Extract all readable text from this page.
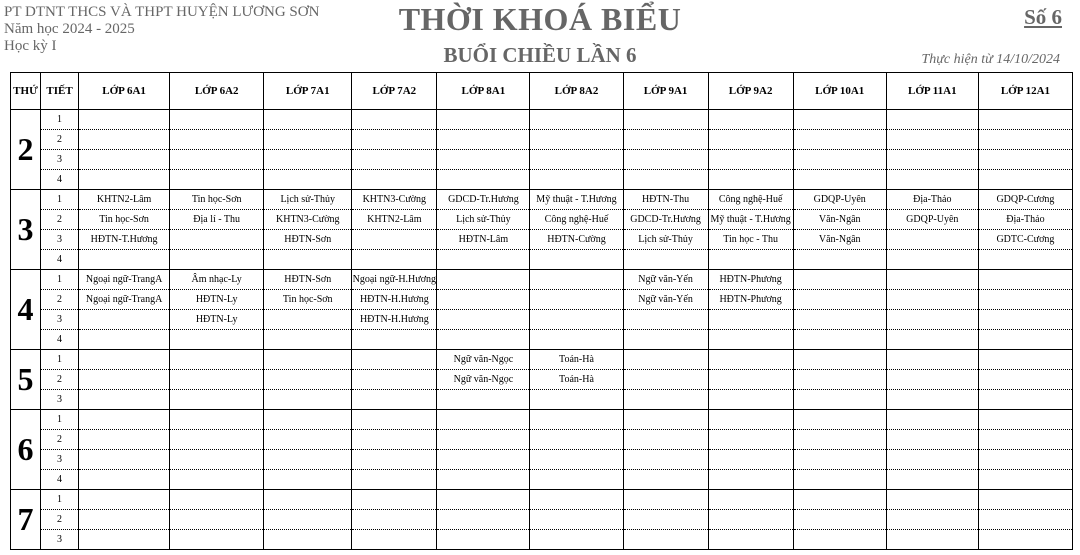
PT DTNT THCS VÀ THPT HUYỆN LƯƠNG SƠN
Năm học 2024 - 2025
Học kỳ I
THỜI KHOÁ BIỂU
BUỔI CHIỀU LẦN 6
Số 6
Thực hiện từ 14/10/2024
THỨ	TIẾT	LỚP 6A1	LỚP 6A2	LỚP 7A1	LỚP 7A2	LỚP 8A1	LỚP 8A2	LỚP 9A1	LỚP 9A2	LỚP 10A1	LỚP 11A1	LỚP 12A1
2	1											
	2											
	3											
	4											
3	1	KHTN2-Lâm	Tin học-Sơn	Lịch sử-Thủy	KHTN3-Cường	GDCD-Tr.Hương	Mỹ thuật - T.Hương	HĐTN-Thu	Công nghệ-Huế	GDQP-Uyên	Địa-Thảo	GDQP-Cương
	2	Tin học-Sơn	Địa lí - Thu	KHTN3-Cường	KHTN2-Lâm	Lịch sử-Thủy	Công nghệ-Huế	GDCD-Tr.Hương	Mỹ thuật - T.Hương	Văn-Ngân	GDQP-Uyên	Địa-Thảo
	3	HĐTN-T.Hương		HĐTN-Sơn		HĐTN-Lâm	HĐTN-Cường	Lịch sử-Thủy	Tin học - Thu	Văn-Ngân		GDTC-Cương
	4											
4	1	Ngoại ngữ-TrangA	Âm nhạc-Ly	HĐTN-Sơn	Ngoại ngữ-H.Hương			Ngữ văn-Yến	HĐTN-Phương			
	2	Ngoại ngữ-TrangA	HĐTN-Ly	Tin học-Sơn	HĐTN-H.Hương			Ngữ văn-Yến	HĐTN-Phương			
	3		HĐTN-Ly		HĐTN-H.Hương							
	4											
5	1					Ngữ văn-Ngọc	Toán-Hà					
	2					Ngữ văn-Ngọc	Toán-Hà					
	3											
6	1											
	2											
	3											
	4											
7	1											
	2											
	3											
